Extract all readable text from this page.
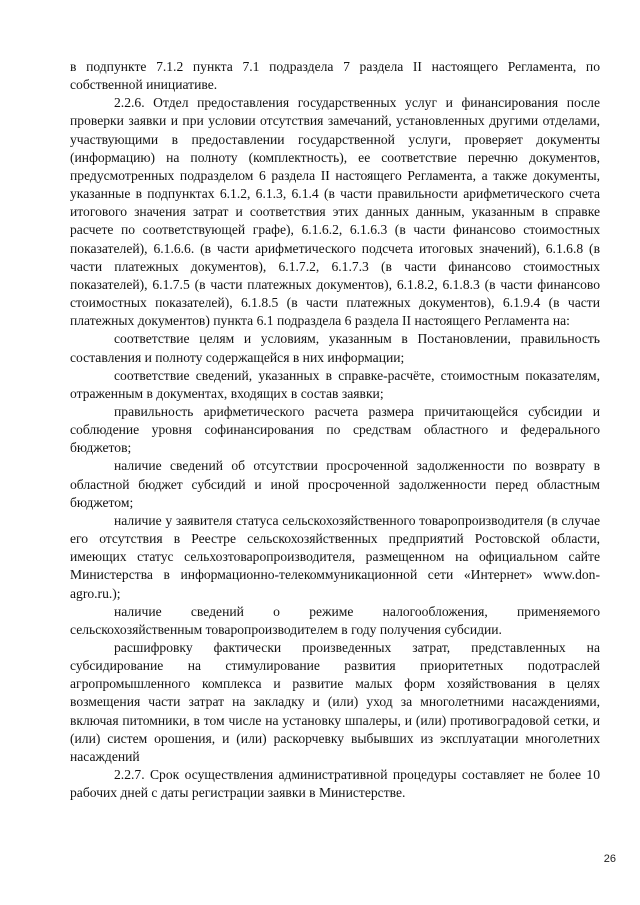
в подпункте 7.1.2 пункта 7.1 подраздела 7 раздела II настоящего Регламента, по собственной инициативе.

2.2.6. Отдел предоставления государственных услуг и финансирования после проверки заявки и при условии отсутствия замечаний, установленных другими отделами, участвующими в предоставлении государственной услуги, проверяет документы (информацию) на полноту (комплектность), ее соответствие перечню документов, предусмотренных подразделом 6 раздела II настоящего Регламента, а также документы, указанные в подпунктах 6.1.2, 6.1.3, 6.1.4 (в части правильности арифметического счета итогового значения затрат и соответствия этих данных данным, указанным в справке расчете по соответствующей графе), 6.1.6.2, 6.1.6.3 (в части финансово стоимостных показателей), 6.1.6.6. (в части арифметического подсчета итоговых значений), 6.1.6.8 (в части платежных документов), 6.1.7.2, 6.1.7.3 (в части финансово стоимостных показателей), 6.1.7.5 (в части платежных документов), 6.1.8.2, 6.1.8.3 (в части финансово стоимостных показателей), 6.1.8.5 (в части платежных документов), 6.1.9.4 (в части платежных документов) пункта 6.1 подраздела 6 раздела II настоящего Регламента на:

соответствие целям и условиям, указанным в Постановлении, правильность составления и полноту содержащейся в них информации;

соответствие сведений, указанных в справке-расчёте, стоимостным показателям, отраженным в документах, входящих в состав заявки;

правильность арифметического расчета размера причитающейся субсидии и соблюдение уровня софинансирования по средствам областного и федерального бюджетов;

наличие сведений об отсутствии просроченной задолженности по возврату в областной бюджет субсидий и иной просроченной задолженности перед областным бюджетом;

наличие у заявителя статуса сельскохозяйственного товаропроизводителя (в случае его отсутствия в Реестре сельскохозяйственных предприятий Ростовской области, имеющих статус сельхозтоваропроизводителя, размещенном на официальном сайте Министерства в информационно-телекоммуникационной сети «Интернет» www.don-agro.ru.);

наличие сведений о режиме налогообложения, применяемого сельскохозяйственным товаропроизводителем в году получения субсидии.

расшифровку фактически произведенных затрат, представленных на субсидирование на стимулирование развития приоритетных подотраслей агропромышленного комплекса и развитие малых форм хозяйствования в целях возмещения части затрат на закладку и (или) уход за многолетними насаждениями, включая питомники, в том числе на установку шпалеры, и (или) противоградовой сетки, и (или) систем орошения, и (или) раскорчевку выбывших из эксплуатации многолетних насаждений

2.2.7. Срок осуществления административной процедуры составляет не более 10 рабочих дней с даты регистрации заявки в Министерстве.

26
